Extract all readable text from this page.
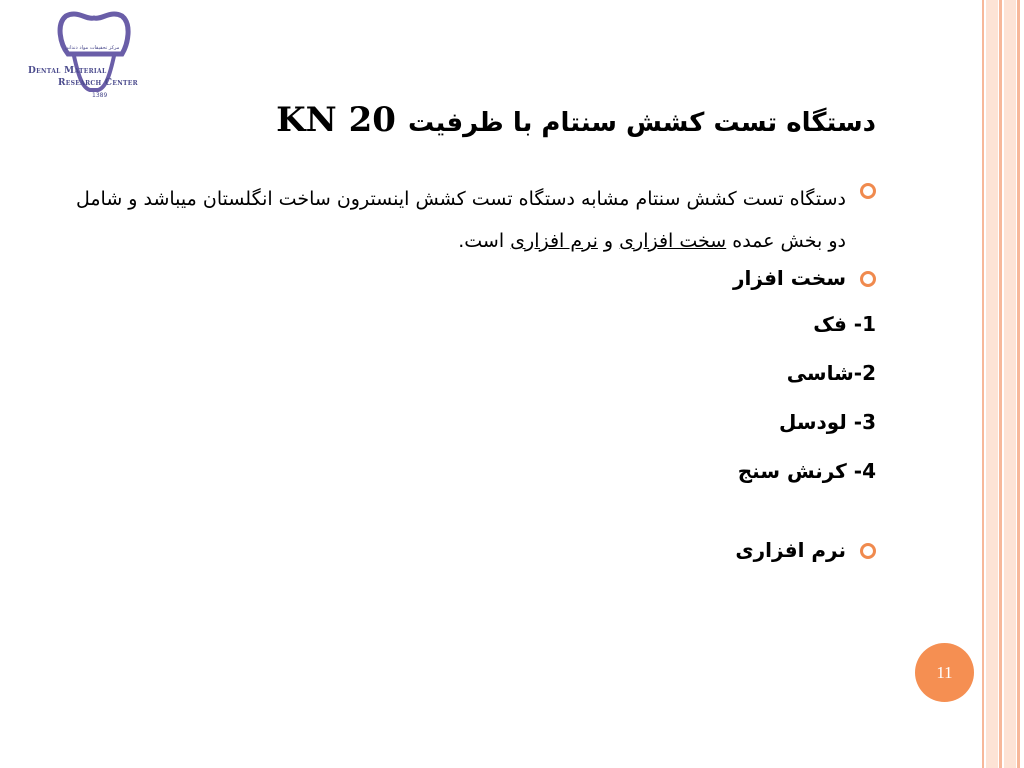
مرکز تحقیقات مواد دندانی
Dental Material
Research Center
1389
دستگاه تست کشش سنتام با ظرفیت20 KN
دستگاه تست کشش سنتام مشابه دستگاه تست کشش اینسترون ساخت انگلستان میباشد و شامل دو بخش عمده سخت افزاری و نرم افزاری است.
سخت افزار
1- فک
2-شاسی
3- لودسل
4- کرنش سنج
نرم افزاری
11
